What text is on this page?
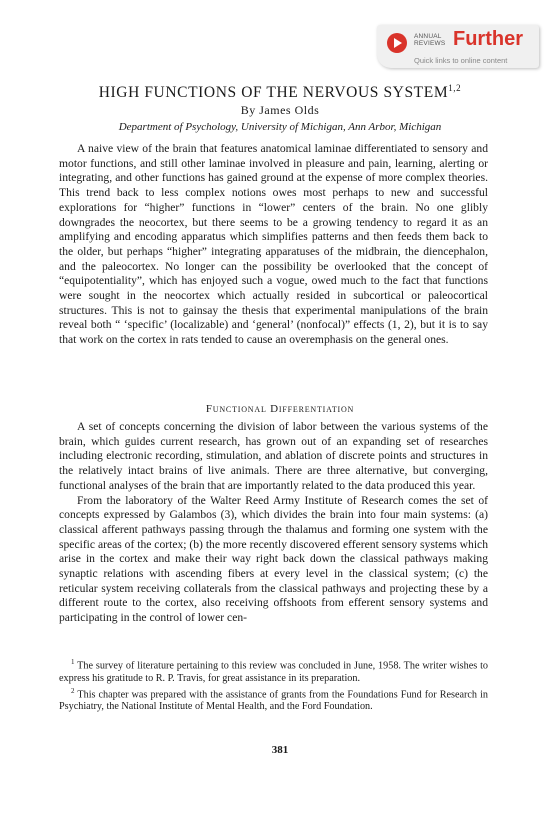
ANNUAL
REVIEWS Further
Quick links to online content
HIGH FUNCTIONS OF THE NERVOUS SYSTEM$^{1,2}$
By James Olds
Department of Psychology, University of Michigan, Ann Arbor, Michigan

A naive view of the brain that features anatomical laminae differentiated to sensory and motor functions, and still other laminae involved in pleasure and pain, learning, alerting or integrating, and other functions has gained ground at the expense of more complex theories. This trend back to less complex notions owes most perhaps to new and successful explorations for “higher” functions in “lower” centers of the brain. No one glibly downgrades the neocortex, but there seems to be a growing tendency to regard it as an amplifying and encoding apparatus which simplifies patterns and then feeds them back to the older, but perhaps “higher” integrating apparatuses of the midbrain, the diencephalon, and the paleocortex. No longer can the possibility be overlooked that the concept of “equipotentiality”, which has enjoyed such a vogue, owed much to the fact that functions were sought in the neocortex which actually resided in subcortical or paleocortical structures. This is not to gainsay the thesis that experimental manipulations of the brain reveal both “ ‘specific’ (localizable) and ‘general’ (nonfocal)” effects (1, 2), but it is to say that work on the cortex in rats tended to cause an overemphasis on the general ones.

Functional Differentiation

A set of concepts concerning the division of labor between the various systems of the brain, which guides current research, has grown out of an expanding set of researches including electronic recording, stimulation, and ablation of discrete points and structures in the relatively intact brains of live animals. There are three alternative, but converging, functional analyses of the brain that are importantly related to the data produced this year.

From the laboratory of the Walter Reed Army Institute of Research comes the set of concepts expressed by Galambos (3), which divides the brain into four main systems: (a) classical afferent pathways passing through the thalamus and forming one system with the specific areas of the cortex; (b) the more recently discovered efferent sensory systems which arise in the cortex and make their way right back down the classical pathways making synaptic relations with ascending fibers at every level in the classical system; (c) the reticular system receiving collaterals from the classical pathways and projecting these by a different route to the cortex, also receiving offshoots from efferent sensory systems and participating in the control of lower cen-

$^1$ The survey of literature pertaining to this review was concluded in June, 1958. The writer wishes to express his gratitude to R. P. Travis, for great assistance in its preparation.

$^2$ This chapter was prepared with the assistance of grants from the Foundations Fund for Research in Psychiatry, the National Institute of Mental Health, and the Ford Foundation.

381
